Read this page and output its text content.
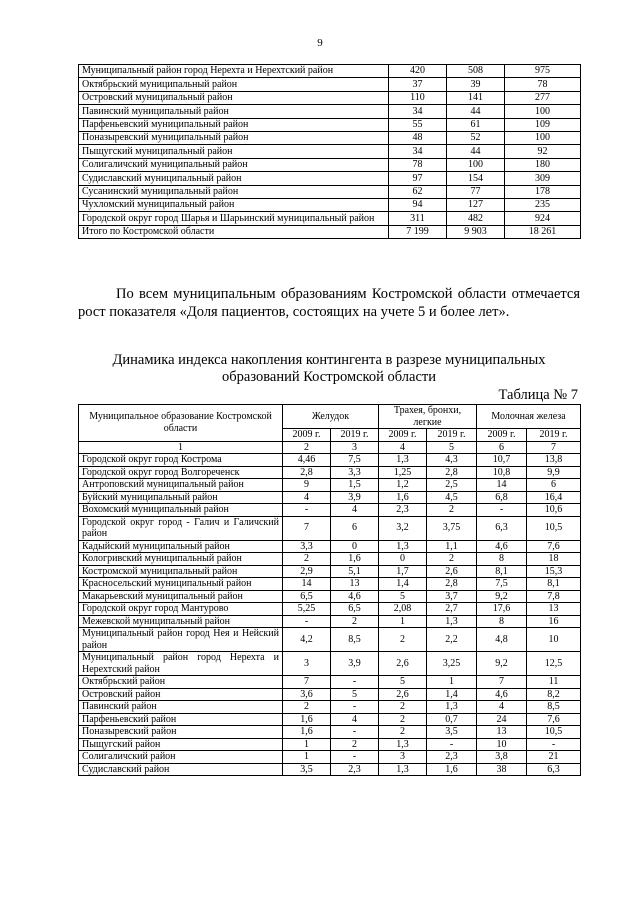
9
Муниципальный район город Нерехта и Нерехтский район	420	508	975
Октябрьский муниципальный район	37	39	78
Островский муниципальный район	110	141	277
Павинский муниципальный район	34	44	100
Парфеньевский муниципальный район	55	61	109
Поназыревский муниципальный район	48	52	100
Пыщугский муниципальный район	34	44	92
Солигаличский муниципальный район	78	100	180
Судиславский муниципальный район	97	154	309
Сусанинский муниципальный район	62	77	178
Чухломский муниципальный район	94	127	235
Городской округ город Шарья и Шарьинский муниципальный район	311	482	924
Итого по Костромской области	7 199	9 903	18 261

По всем муниципальным образованиям Костромской области отмечается рост показателя «Доля пациентов, состоящих на учете 5 и более лет».

Динамика индекса накопления контингента в разрезе муниципальных
образований Костромской области
Таблица № 7
Муниципальное образование Костромской области	Желудок		Трахея, бронхи, легкие		Молочная железа	
	2009 г.	2019 г.	2009 г.	2019 г.	2009 г.	2019 г.
1	2	3	4	5	6	7
Городской округ город Кострома	4,46	7,5	1,3	4,3	10,7	13,8
Городской округ город Волгореченск	2,8	3,3	1,25	2,8	10,8	9,9
Антроповский муниципальный район	9	1,5	1,2	2,5	14	6
Буйский муниципальный район	4	3,9	1,6	4,5	6,8	16,4
Вохомский муниципальный район	-	4	2,3	2	-	10,6
Городской округ город - Галич и Галичский район	7	6	3,2	3,75	6,3	10,5
Кадыйский муниципальный район	3,3	0	1,3	1,1	4,6	7,6
Кологривский муниципальный район	2	1,6	0	2	8	18
Костромской муниципальный район	2,9	5,1	1,7	2,6	8,1	15,3
Красносельский муниципальный район	14	13	1,4	2,8	7,5	8,1
Макарьевский муниципальный район	6,5	4,6	5	3,7	9,2	7,8
Городской округ город Мантурово	5,25	6,5	2,08	2,7	17,6	13
Межевской муниципальный район	-	2	1	1,3	8	16
Муниципальный район город Нея и Нейский район	4,2	8,5	2	2,2	4,8	10
Муниципальный район город Нерехта и Нерехтский район	3	3,9	2,6	3,25	9,2	12,5
Октябрьский район	7	-	5	1	7	11
Островский район	3,6	5	2,6	1,4	4,6	8,2
Павинский район	2	-	2	1,3	4	8,5
Парфеньевский район	1,6	4	2	0,7	24	7,6
Поназыревский район	1,6	-	2	3,5	13	10,5
Пыщугский район	1	2	1,3	-	10	-
Солигаличский район	1	-	3	2,3	3,8	21
Судиславский район	3,5	2,3	1,3	1,6	38	6,3
